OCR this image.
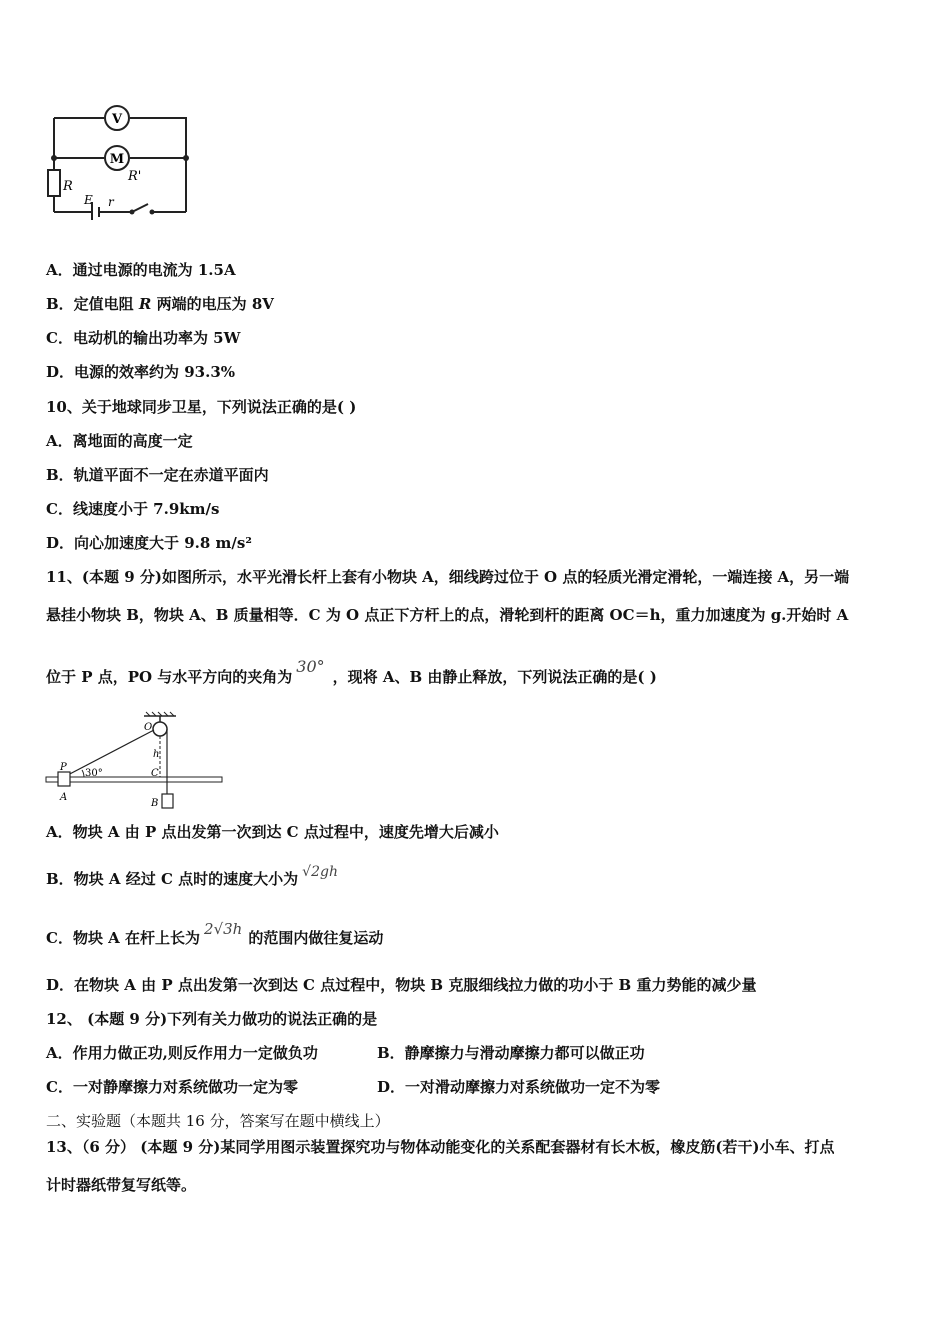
V
M
R'
R
E r
A．通过电源的电流为 1.5A
B．定值电阻 R 两端的电压为 8V
C．电动机的输出功率为 5W
D．电源的效率约为 93.3%
10、关于地球同步卫星，下列说法正确的是( )
A．离地面的高度一定
B．轨道平面不一定在赤道平面内
C．线速度小于 7.9km/s
D．向心加速度大于 9.8 m/s²
11、(本题 9 分)如图所示，水平光滑长杆上套有小物块 A，细线跨过位于 O 点的轻质光滑定滑轮，一端连接 A，另一端
悬挂小物块 B，物块 A、B 质量相等．C 为 O 点正下方杆上的点，滑轮到杆的距离 OC＝h，重力加速度为 g.开始时 A
位于 P 点，PO 与水平方向的夹角为30°，现将 A、B 由静止释放，下列说法正确的是( )
O
h
P
30°	C
A
B
A．物块 A 由 P 点出发第一次到达 C 点过程中，速度先增大后减小
B．物块 A 经过 C 点时的速度大小为 √2gh
C．物块 A 在杆上长为 2√3h 的范围内做往复运动
D．在物块 A 由 P 点出发第一次到达 C 点过程中，物块 B 克服细线拉力做的功小于 B 重力势能的减少量
12、 (本题 9 分)下列有关力做功的说法正确的是
A．作用力做正功,则反作用力一定做负功	B．静摩擦力与滑动摩擦力都可以做正功
C．一对静摩擦力对系统做功一定为零	D．一对滑动摩擦力对系统做功一定不为零
二、实验题（本题共 16 分，答案写在题中横线上）
13、（6 分） (本题 9 分)某同学用图示装置探究功与物体动能变化的关系配套器材有长木板，橡皮筋(若干)小车、打点
计时器纸带复写纸等。
